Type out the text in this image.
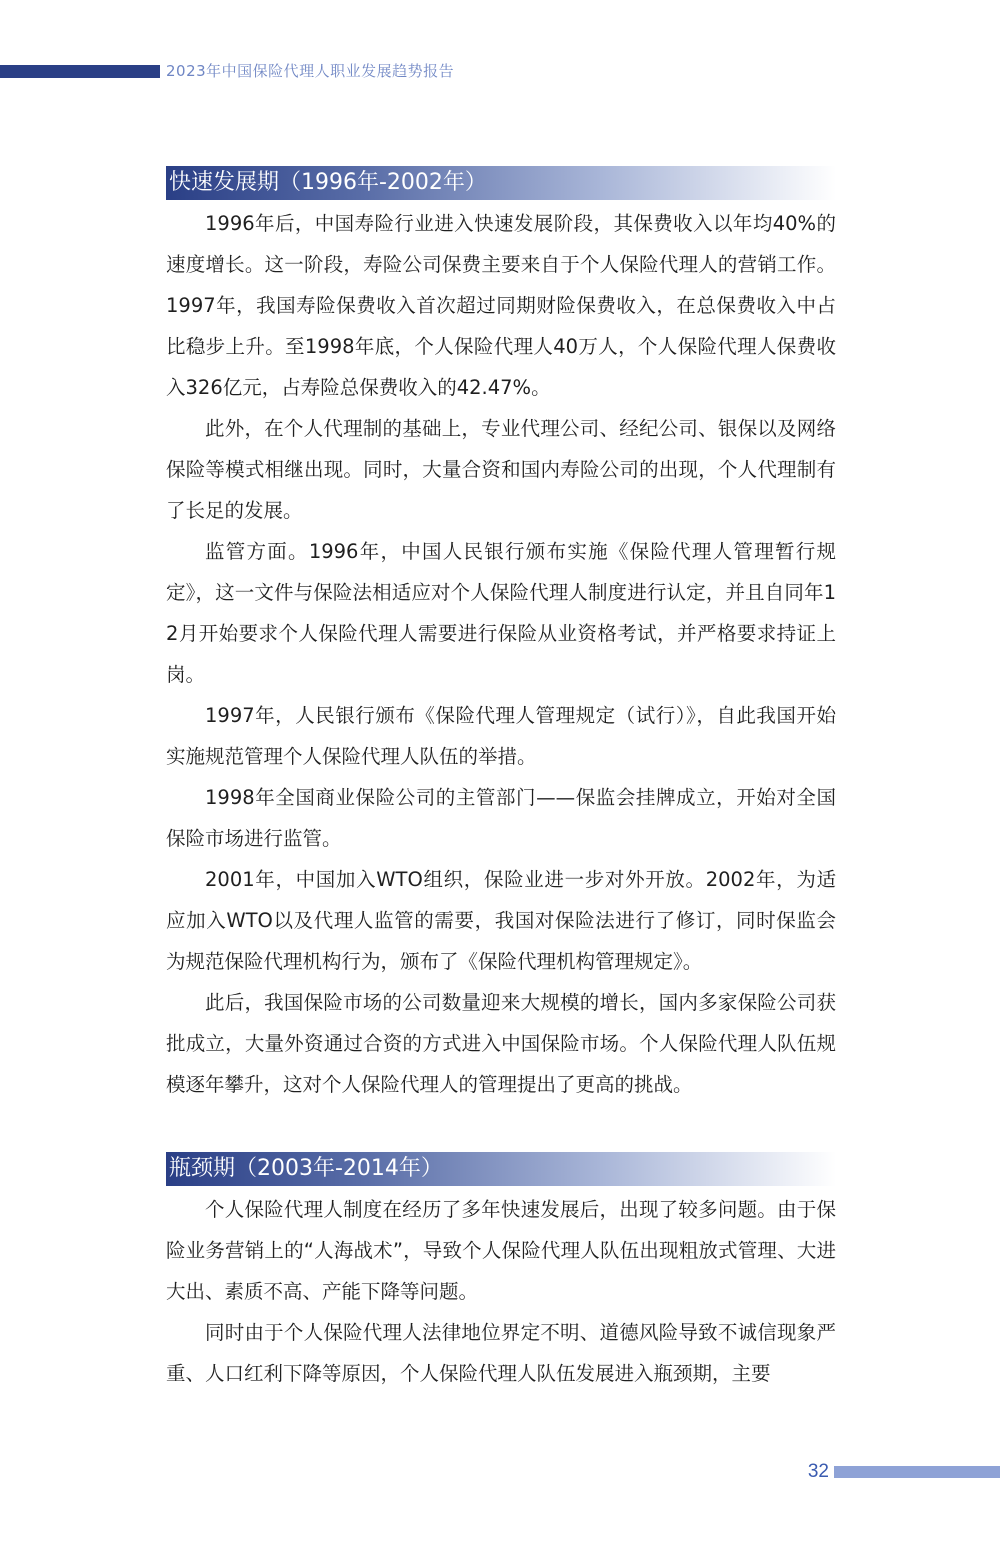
2023年中国保险代理人职业发展趋势报告
快速发展期（1996年-2002年）

1996年后，中国寿险行业进入快速发展阶段，其保费收入以年均40%的速度增长。这一阶段，寿险公司保费主要来自于个人保险代理人的营销工作。1997年，我国寿险保费收入首次超过同期财险保费收入，在总保费收入中占比稳步上升。至1998年底，个人保险代理人40万人，个人保险代理人保费收入326亿元，占寿险总保费收入的42.47%。

此外，在个人代理制的基础上，专业代理公司、经纪公司、银保以及网络保险等模式相继出现。同时，大量合资和国内寿险公司的出现，个人代理制有了长足的发展。

监管方面。1996年，中国人民银行颁布实施《保险代理人管理暂行规定》，这一文件与保险法相适应对个人保险代理人制度进行认定，并且自同年12月开始要求个人保险代理人需要进行保险从业资格考试，并严格要求持证上岗。

1997年，人民银行颁布《保险代理人管理规定（试行）》，自此我国开始实施规范管理个人保险代理人队伍的举措。

1998年全国商业保险公司的主管部门——保监会挂牌成立，开始对全国保险市场进行监管。

2001年，中国加入WTO组织，保险业进一步对外开放。2002年，为适应加入WTO以及代理人监管的需要，我国对保险法进行了修订，同时保监会为规范保险代理机构行为，颁布了《保险代理机构管理规定》。

此后，我国保险市场的公司数量迎来大规模的增长，国内多家保险公司获批成立，大量外资通过合资的方式进入中国保险市场。个人保险代理人队伍规模逐年攀升，这对个人保险代理人的管理提出了更高的挑战。

瓶颈期（2003年-2014年）

个人保险代理人制度在经历了多年快速发展后，出现了较多问题。由于保险业务营销上的“人海战术”，导致个人保险代理人队伍出现粗放式管理、大进大出、素质不高、产能下降等问题。

同时由于个人保险代理人法律地位界定不明、道德风险导致不诚信现象严重、人口红利下降等原因，个人保险代理人队伍发展进入瓶颈期，主要

32
